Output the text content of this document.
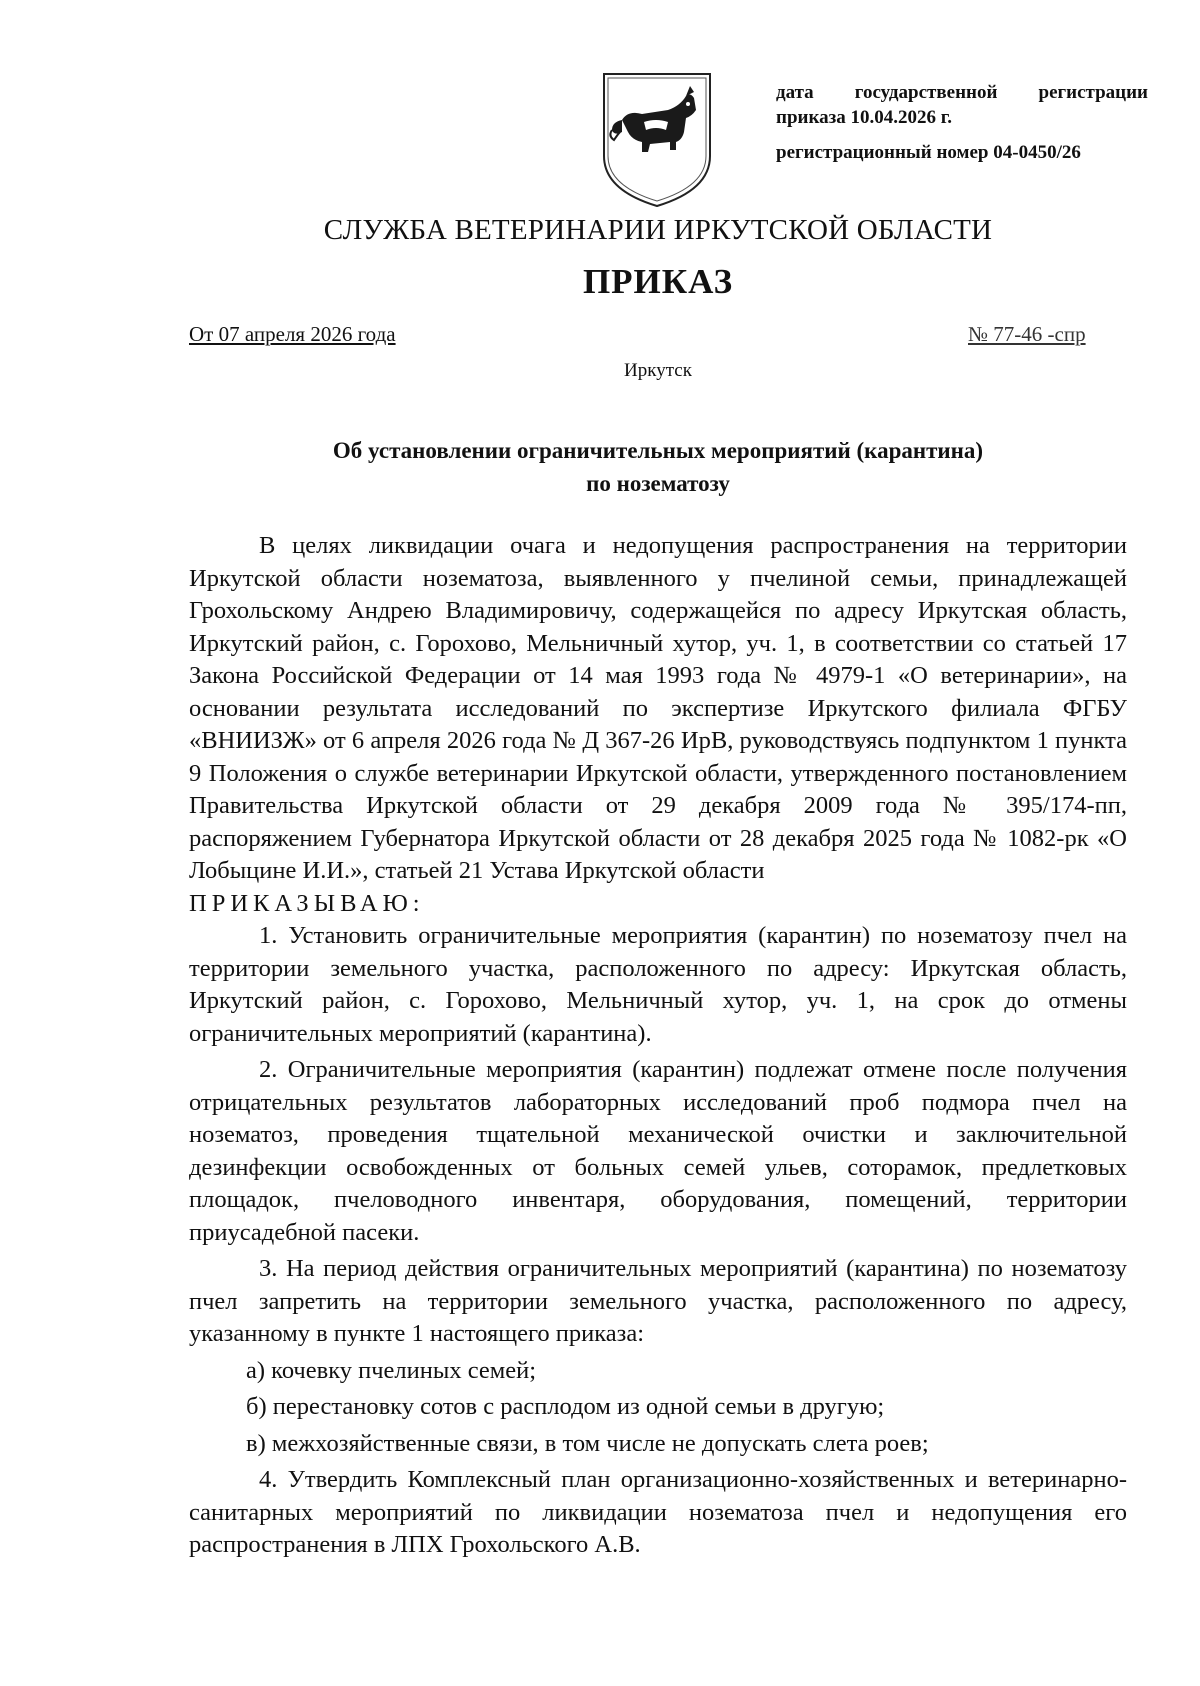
дата государственной регистрации
приказа 10.04.2026 г.
регистрационный номер 04-0450/26
СЛУЖБА ВЕТЕРИНАРИИ ИРКУТСКОЙ ОБЛАСТИ
ПРИКАЗ
От 07 апреля 2026 года	№ 77-46 -спр
Иркутск
Об установлении ограничительных мероприятий (карантина)
по нозематозу

В целях ликвидации очага и недопущения распространения на территории Иркутской области нозематоза, выявленного у пчелиной семьи, принадлежащей Грохольскому Андрею Владимировичу, содержащейся по адресу Иркутская область, Иркутский район, с. Горохово, Мельничный хутор, уч. 1, в соответствии со статьей 17 Закона Российской Федерации от 14 мая 1993 года № 4979-1 «О ветеринарии», на основании результата исследований по экспертизе Иркутского филиала ФГБУ «ВНИИЗЖ» от 6 апреля 2026 года № Д 367-26 ИрВ, руководствуясь подпунктом 1 пункта 9 Положения о службе ветеринарии Иркутской области, утвержденного постановлением Правительства Иркутской области от 29 декабря 2009 года № 395/174-пп, распоряжением Губернатора Иркутской области от 28 декабря 2025 года № 1082-рк «О Лобыцине И.И.», статьей 21 Устава Иркутской области

ПРИКАЗЫВАЮ:

1. Установить ограничительные мероприятия (карантин) по нозематозу пчел на территории земельного участка, расположенного по адресу: Иркутская область, Иркутский район, с. Горохово, Мельничный хутор, уч. 1, на срок до отмены ограничительных мероприятий (карантина).

2. Ограничительные мероприятия (карантин) подлежат отмене после получения отрицательных результатов лабораторных исследований проб подмора пчел на нозематоз, проведения тщательной механической очистки и заключительной дезинфекции освобожденных от больных семей ульев, сотoрамок, предлетковых площадок, пчеловодного инвентаря, оборудования, помещений, территории приусадебной пасеки.

3. На период действия ограничительных мероприятий (карантина) по нозематозу пчел запретить на территории земельного участка, расположенного по адресу, указанному в пункте 1 настоящего приказа:

а) кочевку пчелиных семей;

б) перестановку сотов с расплодом из одной семьи в другую;

в) межхозяйственные связи, в том числе не допускать слета роев;

4. Утвердить Комплексный план организационно-хозяйственных и ветеринарно-санитарных мероприятий по ликвидации нозематоза пчел и недопущения его распространения в ЛПХ Грохольского А.В.
